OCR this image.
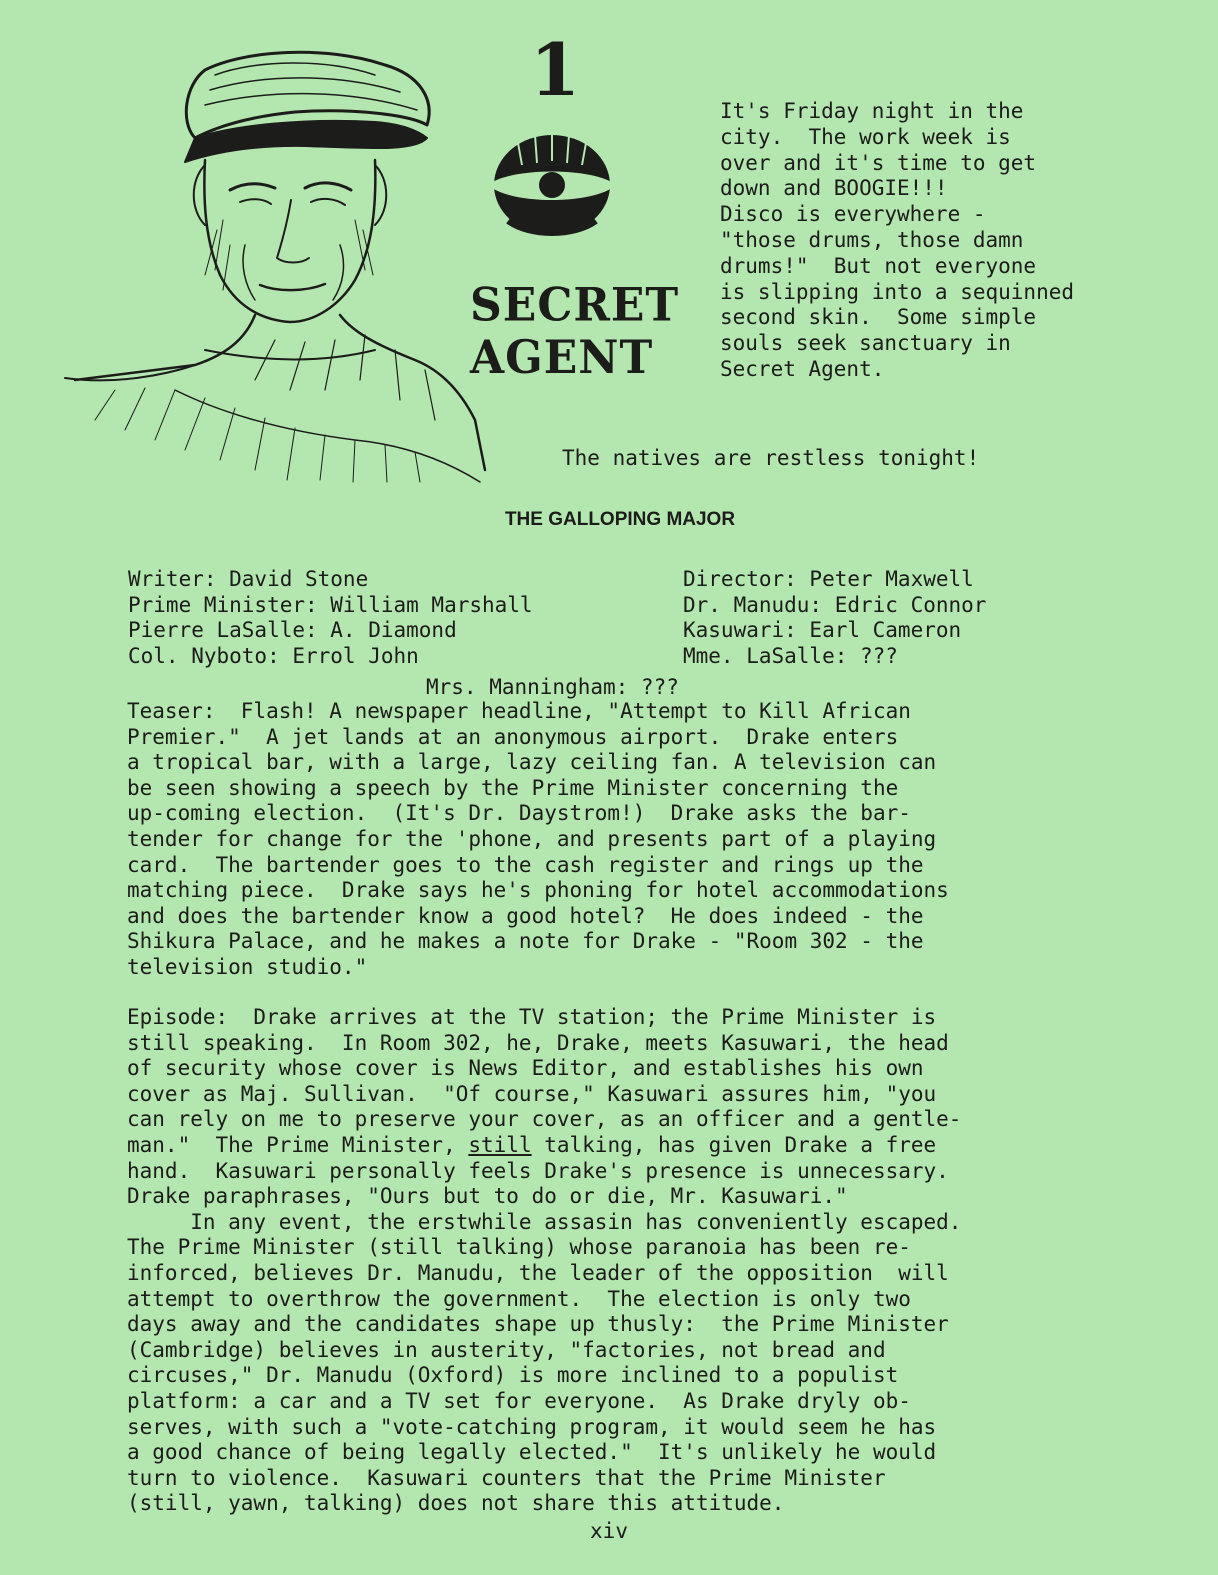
1
SECRET
AGENT
It's Friday night in the
city.  The work week is
over and it's time to get
down and BOOGIE!!!
Disco is everywhere -
"those drums, those damn
drums!"  But not everyone
is slipping into a sequinned
second skin.  Some simple
souls seek sanctuary in
Secret Agent.

The natives are restless tonight!
THE GALLOPING MAJOR
Writer: David Stone
Prime Minister: William Marshall
Pierre LaSalle: A. Diamond
Col. Nyboto: Errol John
Director: Peter Maxwell
Dr. Manudu: Edric Connor
Kasuwari: Earl Cameron
Mme. LaSalle: ???
Mrs. Manningham: ???
Teaser:  Flash! A newspaper headline, "Attempt to Kill African
Premier."  A jet lands at an anonymous airport.  Drake enters
a tropical bar, with a large, lazy ceiling fan. A television can
be seen showing a speech by the Prime Minister concerning the
up-coming election.  (It's Dr. Daystrom!)  Drake asks the bar-
tender for change for the 'phone, and presents part of a playing
card.  The bartender goes to the cash register and rings up the
matching piece.  Drake says he's phoning for hotel accommodations
and does the bartender know a good hotel?  He does indeed - the
Shikura Palace, and he makes a note for Drake - "Room 302 - the
television studio."
Episode:  Drake arrives at the TV station; the Prime Minister is
still speaking.  In Room 302, he, Drake, meets Kasuwari, the head
of security whose cover is News Editor, and establishes his own
cover as Maj. Sullivan.  "Of course," Kasuwari assures him, "you
can rely on me to preserve your cover, as an officer and a gentle-
man."  The Prime Minister, still talking, has given Drake a free
hand.  Kasuwari personally feels Drake's presence is unnecessary.
Drake paraphrases, "Ours but to do or die, Mr. Kasuwari."
In any event, the erstwhile assasin has conveniently escaped.
The Prime Minister (still talking) whose paranoia has been re-
inforced, believes Dr. Manudu, the leader of the opposition  will
attempt to overthrow the government.  The election is only two
days away and the candidates shape up thusly:  the Prime Minister
(Cambridge) believes in austerity, "factories, not bread and
circuses," Dr. Manudu (Oxford) is more inclined to a populist
platform: a car and a TV set for everyone.  As Drake dryly ob-
serves, with such a "vote-catching program, it would seem he has
a good chance of being legally elected."  It's unlikely he would
turn to violence.  Kasuwari counters that the Prime Minister
(still, yawn, talking) does not share this attitude.
xiv
